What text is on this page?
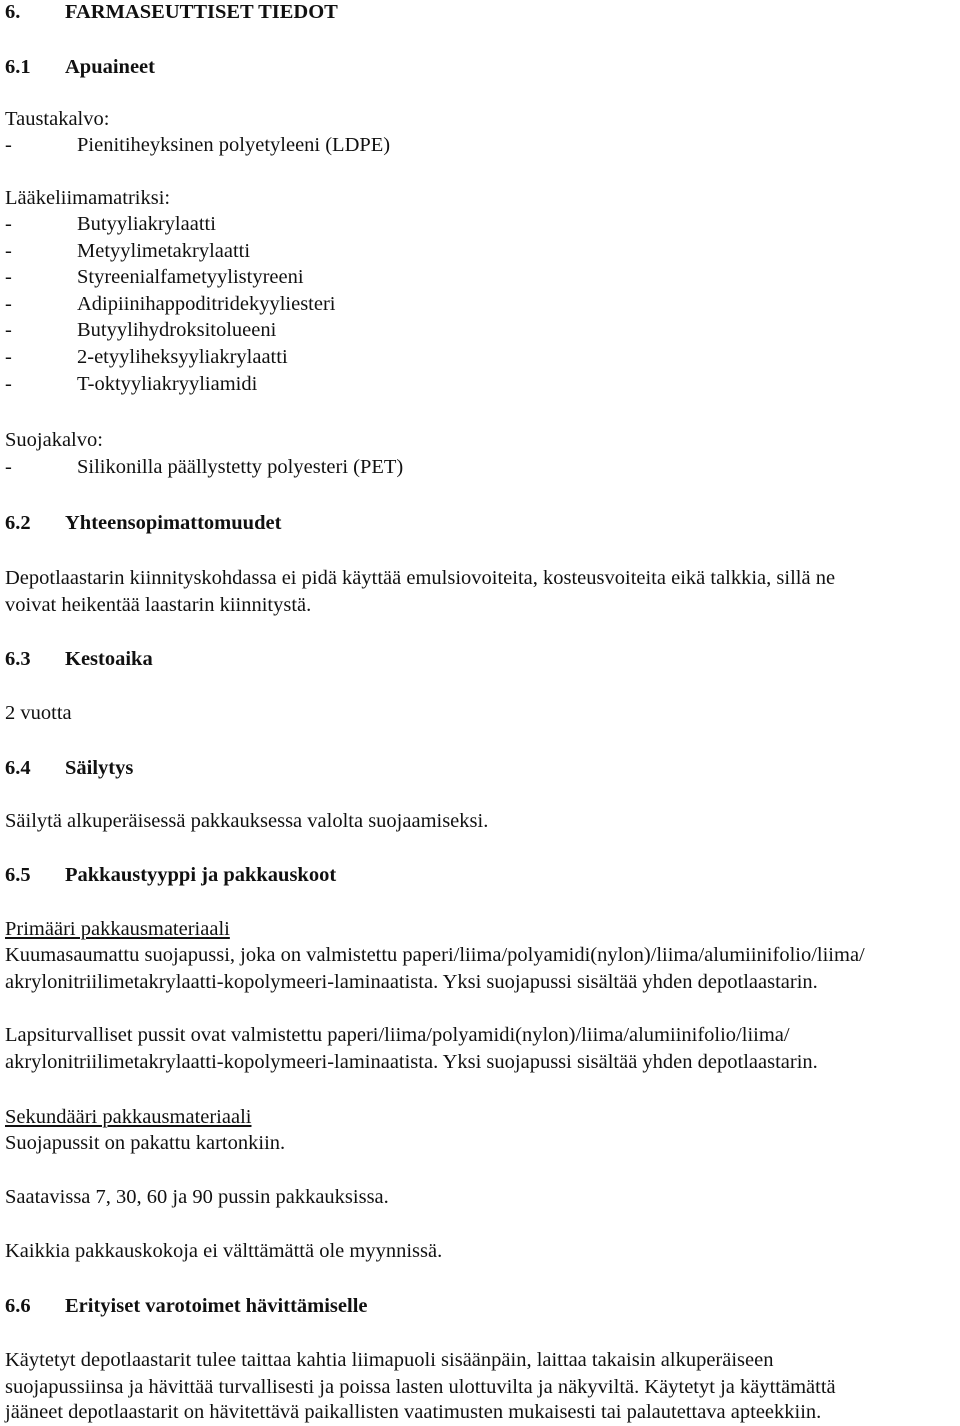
6. FARMASEUTTISET TIEDOT
6.1 Apuaineet
Taustakalvo:
-	Pienitiheyksinen polyetyleeni (LDPE)
Lääkeliimamatriksi:
-	Butyyliakrylaatti
-	Metyylimetakrylaatti
-	Styreenialfametyylistyreeni
-	Adipiinihappoditridekyyliesteri
-	Butyylihydroksitolueeni
-	2-etyyliheksyyliakrylaatti
-	T-oktyyliakryyliamidi
Suojakalvo:
-	Silikonilla päällystetty polyesteri (PET)
6.2 Yhteensopimattomuudet
Depotlaastarin kiinnityskohdassa ei pidä käyttää emulsiovoiteita, kosteusvoiteita eikä talkkia, sillä ne
voivat heikentää laastarin kiinnitystä.
6.3 Kestoaika
2 vuotta
6.4 Säilytys
Säilytä alkuperäisessä pakkauksessa valolta suojaamiseksi.
6.5 Pakkaustyyppi ja pakkauskoot
Primääri pakkausmateriaali
Kuumasaumattu suojapussi, joka on valmistettu paperi/liima/polyamidi(nylon)/liima/alumiinifolio/liima/
akrylonitriilimetakrylaatti-kopolymeeri-laminaatista. Yksi suojapussi sisältää yhden depotlaastarin.
Lapsiturvalliset pussit ovat valmistettu paperi/liima/polyamidi(nylon)/liima/alumiinifolio/liima/
akrylonitriilimetakrylaatti-kopolymeeri-laminaatista. Yksi suojapussi sisältää yhden depotlaastarin.
Sekundääri pakkausmateriaali
Suojapussit on pakattu kartonkiin.
Saatavissa 7, 30, 60 ja 90 pussin pakkauksissa.
Kaikkia pakkauskokoja ei välttämättä ole myynnissä.
6.6 Erityiset varotoimet hävittämiselle
Käytetyt depotlaastarit tulee taittaa kahtia liimapuoli sisäänpäin, laittaa takaisin alkuperäiseen
suojapussiinsa ja hävittää turvallisesti ja poissa lasten ulottuvilta ja näkyviltä. Käytetyt ja käyttämättä
jääneet depotlaastarit on hävitettävä paikallisten vaatimusten mukaisesti tai palautettava apteekkiin.
